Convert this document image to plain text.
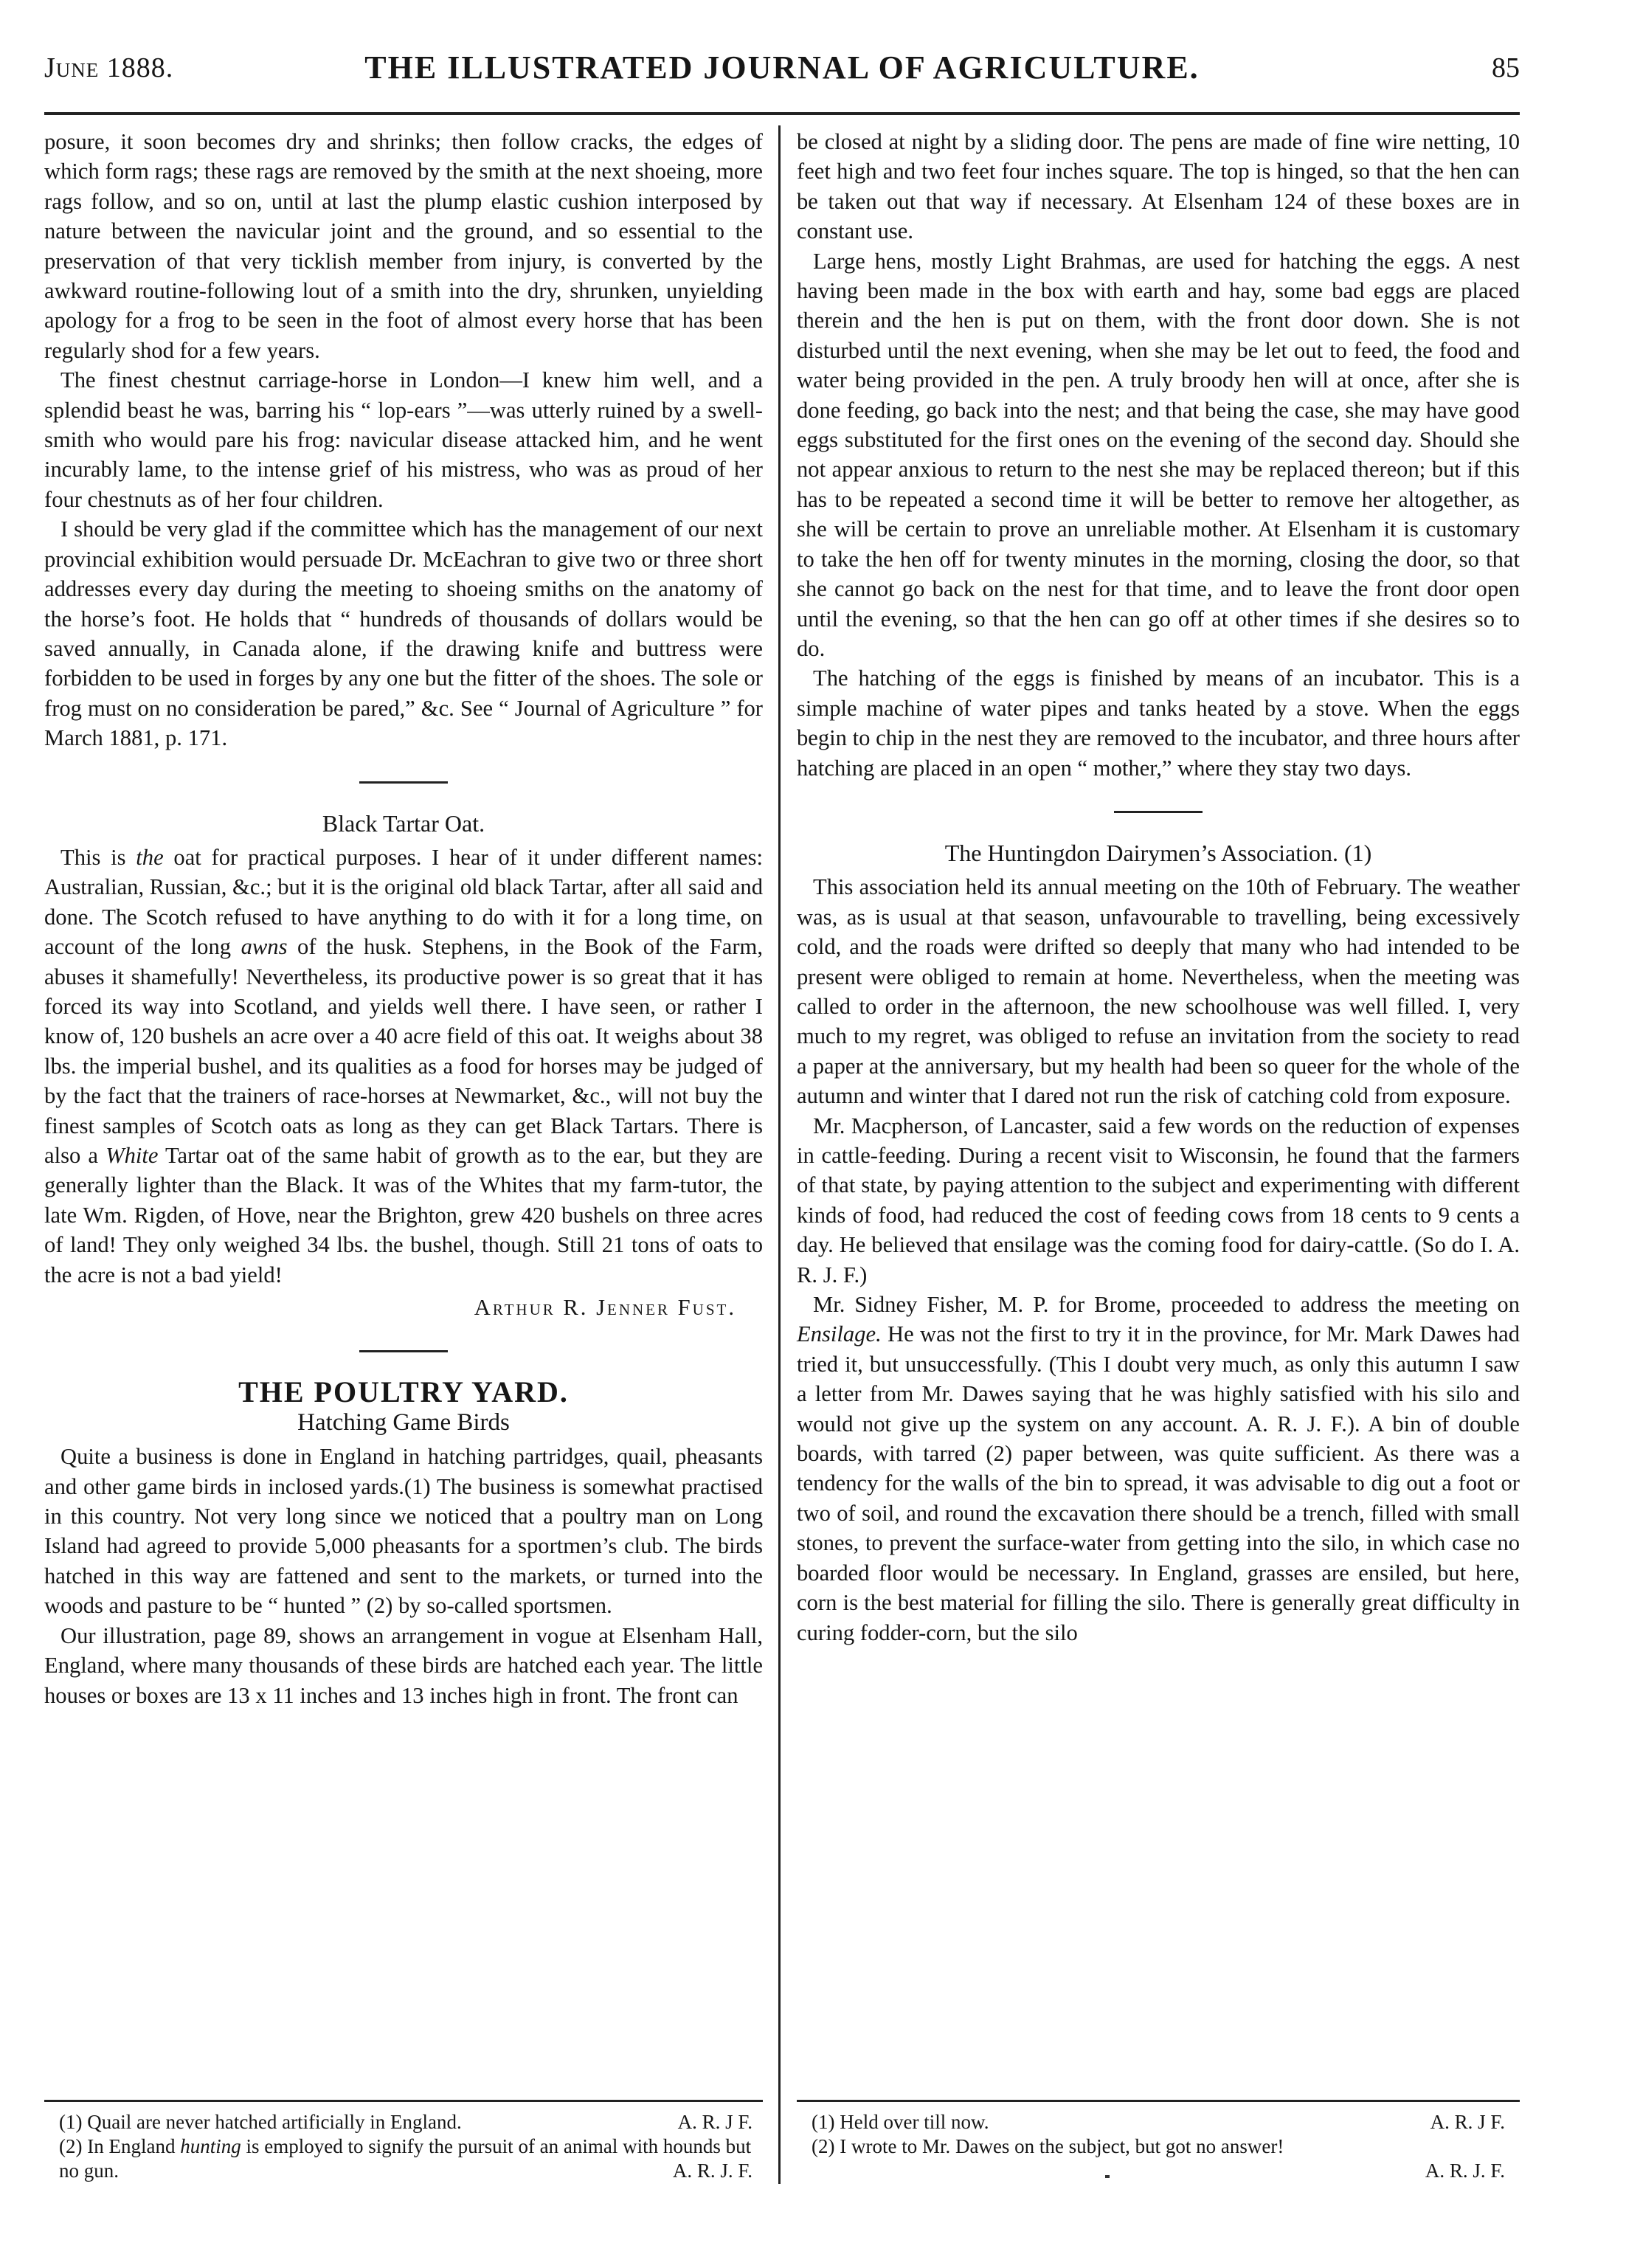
June 1888.	THE ILLUSTRATED JOURNAL OF AGRICULTURE.	85

posure, it soon becomes dry and shrinks; then follow cracks, the edges of which form rags; these rags are removed by the smith at the next shoeing, more rags follow, and so on, until at last the plump elastic cushion interposed by nature between the navicular joint and the ground, and so essential to the preservation of that very ticklish member from injury, is converted by the awkward routine-following lout of a smith into the dry, shrunken, unyielding apology for a frog to be seen in the foot of almost every horse that has been regularly shod for a few years.

The finest chestnut carriage-horse in London—I knew him well, and a splendid beast he was, barring his “ lop-ears ”—was utterly ruined by a swell-smith who would pare his frog: navicular disease attacked him, and he went incurably lame, to the intense grief of his mistress, who was as proud of her four chestnuts as of her four children.

I should be very glad if the committee which has the management of our next provincial exhibition would persuade Dr. McEachran to give two or three short addresses every day during the meeting to shoeing smiths on the anatomy of the horse’s foot. He holds that “ hundreds of thousands of dollars would be saved annually, in Canada alone, if the drawing knife and buttress were forbidden to be used in forges by any one but the fitter of the shoes. The sole or frog must on no consideration be pared,” &c. See “ Journal of Agriculture ” for March 1881, p. 171.

Black Tartar Oat.

This is the oat for practical purposes. I hear of it under different names: Australian, Russian, &c.; but it is the original old black Tartar, after all said and done. The Scotch refused to have anything to do with it for a long time, on account of the long awns of the husk. Stephens, in the Book of the Farm, abuses it shamefully! Nevertheless, its productive power is so great that it has forced its way into Scotland, and yields well there. I have seen, or rather I know of, 120 bushels an acre over a 40 acre field of this oat. It weighs about 38 lbs. the imperial bushel, and its qualities as a food for horses may be judged of by the fact that the trainers of race-horses at Newmarket, &c., will not buy the finest samples of Scotch oats as long as they can get Black Tartars. There is also a White Tartar oat of the same habit of growth as to the ear, but they are generally lighter than the Black. It was of the Whites that my farm-tutor, the late Wm. Rigden, of Hove, near the Brighton, grew 420 bushels on three acres of land! They only weighed 34 lbs. the bushel, though. Still 21 tons of oats to the acre is not a bad yield!

Arthur R. Jenner Fust.
THE POULTRY YARD.
Hatching Game Birds

Quite a business is done in England in hatching partridges, quail, pheasants and other game birds in inclosed yards.(1) The business is somewhat practised in this country. Not very long since we noticed that a poultry man on Long Island had agreed to provide 5,000 pheasants for a sportmen’s club. The birds hatched in this way are fattened and sent to the markets, or turned into the woods and pasture to be “ hunted ” (2) by so-called sportsmen.

Our illustration, page 89, shows an arrangement in vogue at Elsenham Hall, England, where many thousands of these birds are hatched each year. The little houses or boxes are 13 x 11 inches and 13 inches high in front. The front can

be closed at night by a sliding door. The pens are made of fine wire netting, 10 feet high and two feet four inches square. The top is hinged, so that the hen can be taken out that way if necessary. At Elsenham 124 of these boxes are in constant use.

Large hens, mostly Light Brahmas, are used for hatching the eggs. A nest having been made in the box with earth and hay, some bad eggs are placed therein and the hen is put on them, with the front door down. She is not disturbed until the next evening, when she may be let out to feed, the food and water being provided in the pen. A truly broody hen will at once, after she is done feeding, go back into the nest; and that being the case, she may have good eggs substituted for the first ones on the evening of the second day. Should she not appear anxious to return to the nest she may be replaced thereon; but if this has to be repeated a second time it will be better to remove her altogether, as she will be certain to prove an unreliable mother. At Elsenham it is customary to take the hen off for twenty minutes in the morning, closing the door, so that she cannot go back on the nest for that time, and to leave the front door open until the evening, so that the hen can go off at other times if she desires so to do.

The hatching of the eggs is finished by means of an incubator. This is a simple machine of water pipes and tanks heated by a stove. When the eggs begin to chip in the nest they are removed to the incubator, and three hours after hatching are placed in an open “ mother,” where they stay two days.

The Huntingdon Dairymen’s Association. (1)

This association held its annual meeting on the 10th of February. The weather was, as is usual at that season, unfavourable to travelling, being excessively cold, and the roads were drifted so deeply that many who had intended to be present were obliged to remain at home. Nevertheless, when the meeting was called to order in the afternoon, the new schoolhouse was well filled. I, very much to my regret, was obliged to refuse an invitation from the society to read a paper at the anniversary, but my health had been so queer for the whole of the autumn and winter that I dared not run the risk of catching cold from exposure.

Mr. Macpherson, of Lancaster, said a few words on the reduction of expenses in cattle-feeding. During a recent visit to Wisconsin, he found that the farmers of that state, by paying attention to the subject and experimenting with different kinds of food, had reduced the cost of feeding cows from 18 cents to 9 cents a day. He believed that ensilage was the coming food for dairy-cattle. (So do I. A. R. J. F.)

Mr. Sidney Fisher, M. P. for Brome, proceeded to address the meeting on Ensilage. He was not the first to try it in the province, for Mr. Mark Dawes had tried it, but unsuccessfully. (This I doubt very much, as only this autumn I saw a letter from Mr. Dawes saying that he was highly satisfied with his silo and would not give up the system on any account. A. R. J. F.). A bin of double boards, with tarred (2) paper between, was quite sufficient. As there was a tendency for the walls of the bin to spread, it was advisable to dig out a foot or two of soil, and round the excavation there should be a trench, filled with small stones, to prevent the surface-water from getting into the silo, in which case no boarded floor would be necessary. In England, grasses are ensiled, but here, corn is the best material for filling the silo. There is generally great difficulty in curing fodder-corn, but the silo

(1) Quail are never hatched artificially in England.	A. R. J F.

(2) In England hunting is employed to signify the pursuit of an animal with hounds but no gun.	A. R. J. F.

(1) Held over till now.	A. R. J F.

(2) I wrote to Mr. Dawes on the subject, but got no answer!
A. R. J. F.
